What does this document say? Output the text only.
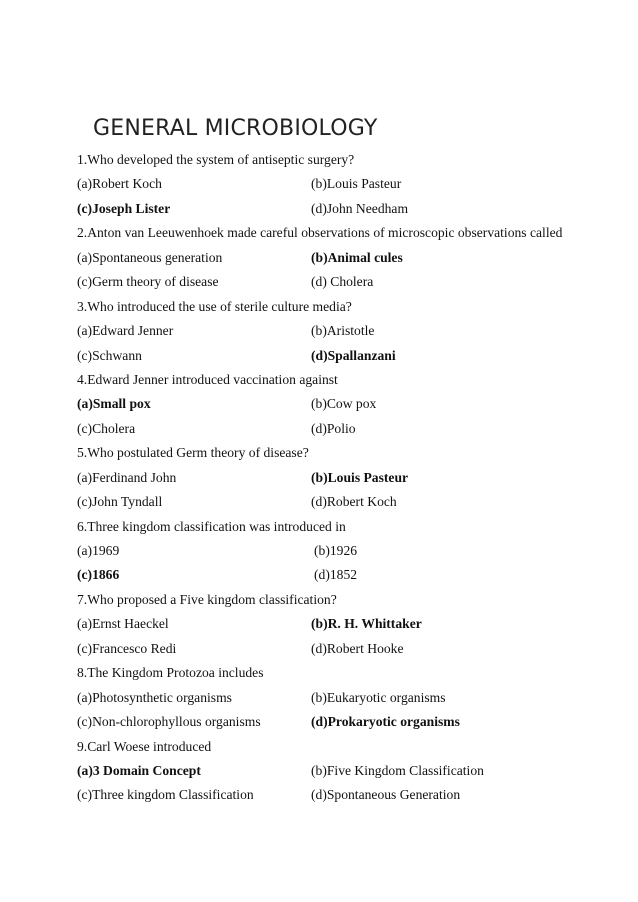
GENERAL MICROBIOLOGY
1.Who developed the system of antiseptic surgery?
(a)Robert Koch	(b)Louis Pasteur
(c)Joseph Lister	(d)John Needham
2.Anton van Leeuwenhoek made careful observations of microscopic observations called
(a)Spontaneous generation	(b)Animal cules
(c)Germ theory of disease	(d) Cholera
3.Who introduced the use of sterile culture media?
(a)Edward Jenner	(b)Aristotle
(c)Schwann	(d)Spallanzani
4.Edward Jenner introduced vaccination against
(a)Small pox	(b)Cow pox
(c)Cholera	(d)Polio
5.Who postulated Germ theory of disease?
(a)Ferdinand John	(b)Louis Pasteur
(c)John Tyndall	(d)Robert Koch
6.Three kingdom classification was introduced in
(a)1969	(b)1926
(c)1866	(d)1852
7.Who proposed a Five kingdom classification?
(a)Ernst Haeckel	(b)R. H. Whittaker
(c)Francesco Redi	(d)Robert Hooke
8.The Kingdom Protozoa includes
(a)Photosynthetic organisms	(b)Eukaryotic organisms
(c)Non-chlorophyllous organisms	(d)Prokaryotic organisms
9.Carl Woese introduced
(a)3 Domain Concept	(b)Five Kingdom Classification
(c)Three kingdom Classification	(d)Spontaneous Generation
